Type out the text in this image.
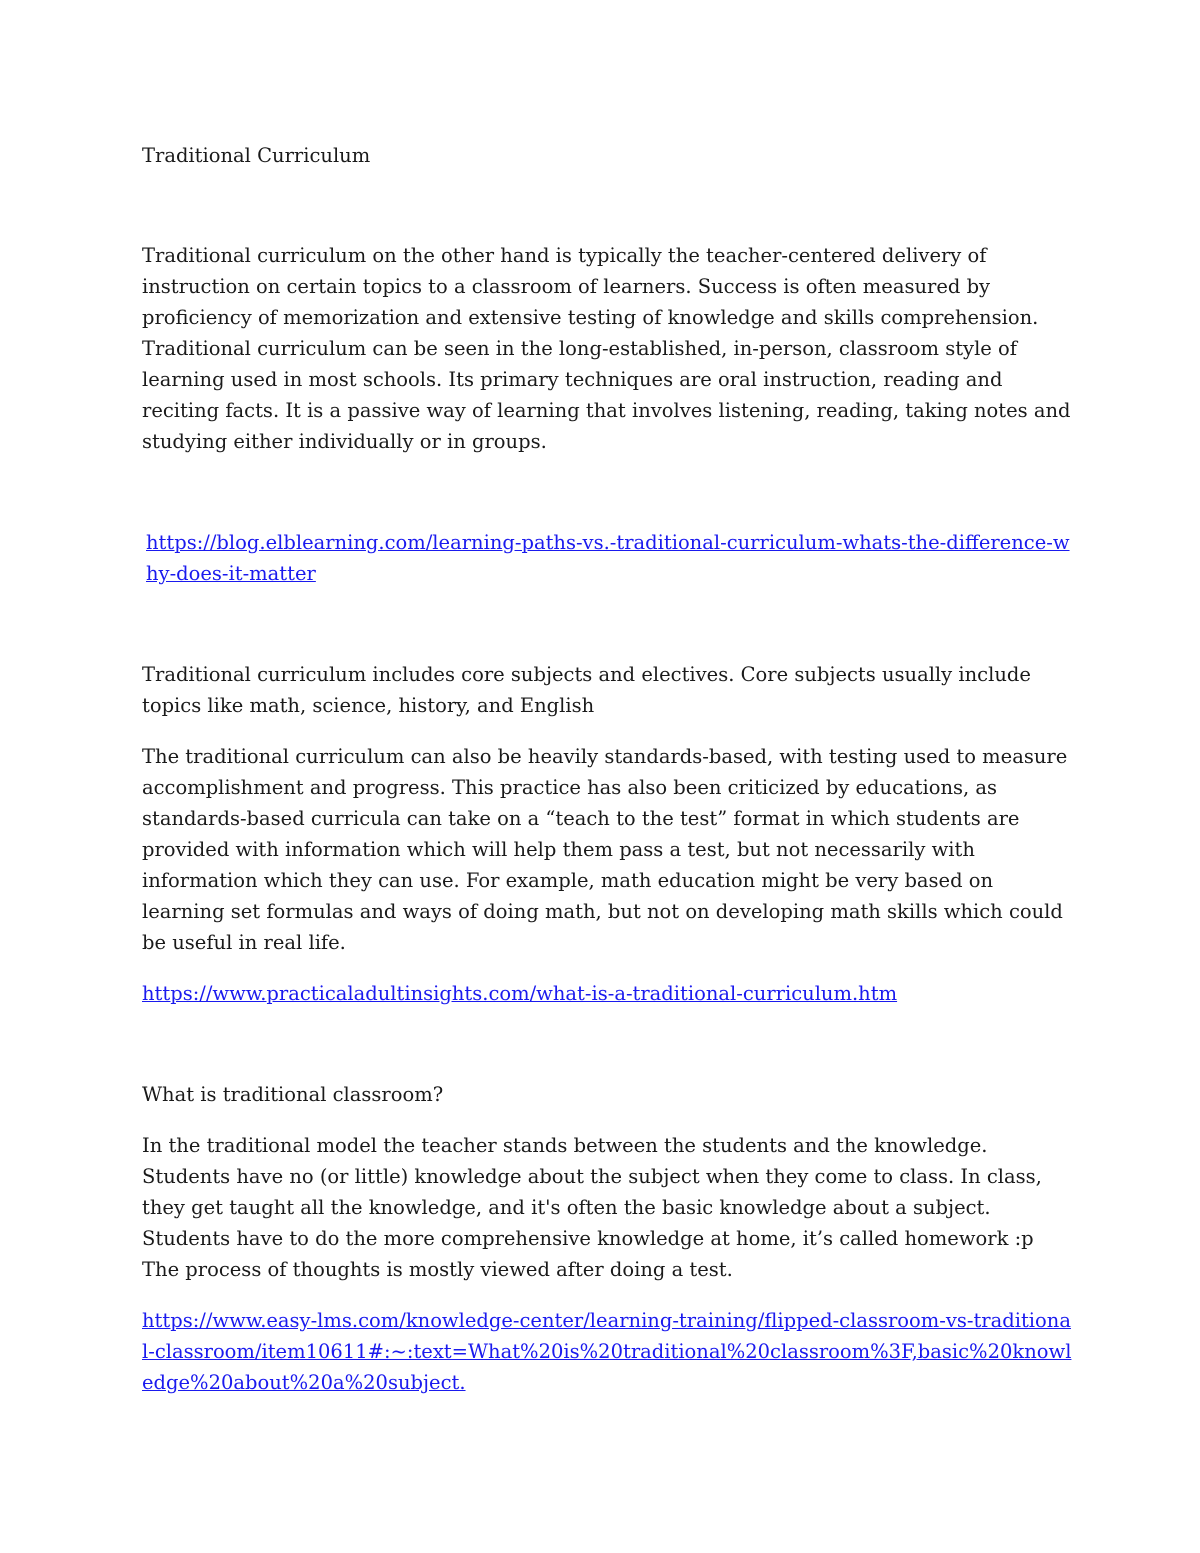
Traditional Curriculum

Traditional curriculum on the other hand is typically the teacher-centered delivery of instruction on certain topics to a classroom of learners. Success is often measured by proficiency of memorization and extensive testing of knowledge and skills comprehension. Traditional curriculum can be seen in the long-established, in-person, classroom style of learning used in most schools. Its primary techniques are oral instruction, reading and reciting facts. It is a passive way of learning that involves listening, reading, taking notes and studying either individually or in groups.

https://blog.elblearning.com/learning-paths-vs.-traditional-curriculum-whats-the-difference-why-does-it-matter

Traditional curriculum includes core subjects and electives. Core subjects usually include topics like math, science, history, and English

The traditional curriculum can also be heavily standards-based, with testing used to measure accomplishment and progress. This practice has also been criticized by educations, as standards-based curricula can take on a “teach to the test” format in which students are provided with information which will help them pass a test, but not necessarily with information which they can use. For example, math education might be very based on learning set formulas and ways of doing math, but not on developing math skills which could be useful in real life.

https://www.practicaladultinsights.com/what-is-a-traditional-curriculum.htm

What is traditional classroom?

In the traditional model the teacher stands between the students and the knowledge. Students have no (or little) knowledge about the subject when they come to class. In class, they get taught all the knowledge, and it's often the basic knowledge about a subject. Students have to do the more comprehensive knowledge at home, it’s called homework :p The process of thoughts is mostly viewed after doing a test.

https://www.easy-lms.com/knowledge-center/learning-training/flipped-classroom-vs-traditional-classroom/item10611#:~:text=What%20is%20traditional%20classroom%3F,basic%20knowledge%20about%20a%20subject.
